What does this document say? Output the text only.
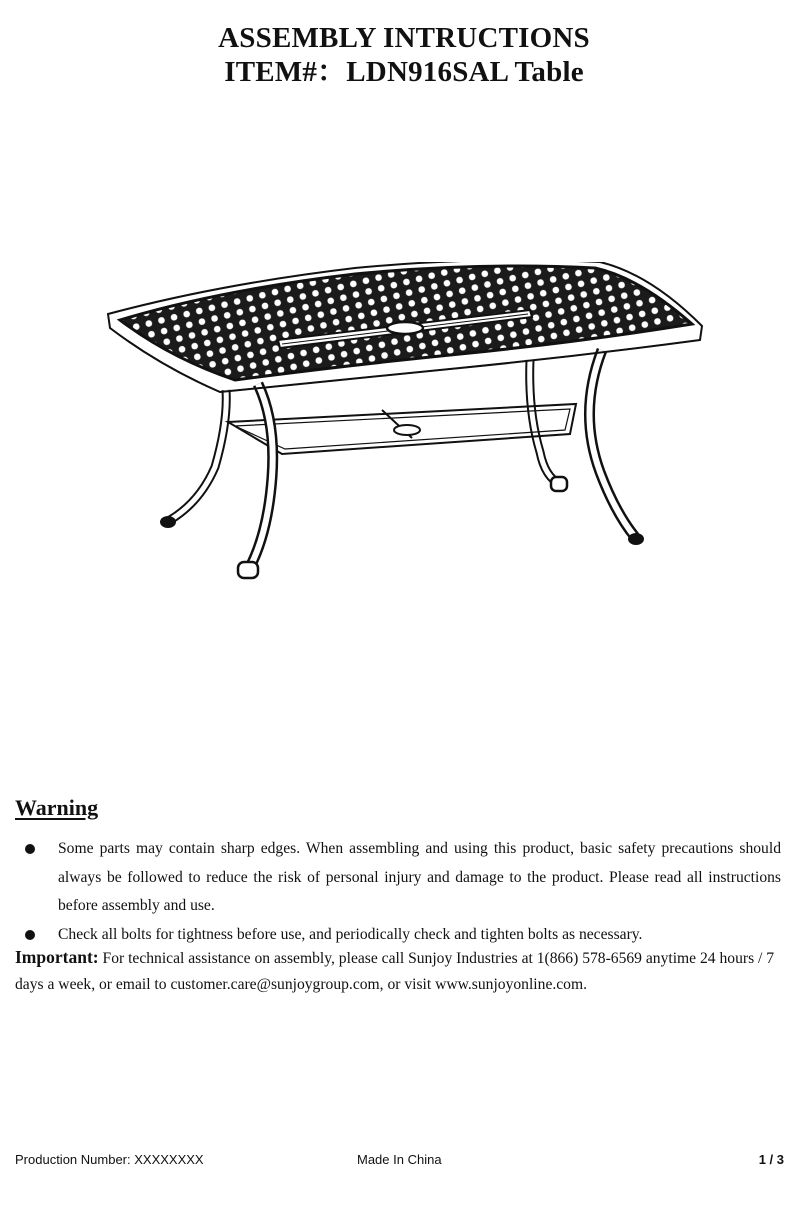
ASSEMBLY INTRUCTIONS
ITEM#：LDN916SAL Table
Warning
Some parts may contain sharp edges. When assembling and using this product, basic safety precautions should always be followed to reduce the risk of personal injury and damage to the product. Please read all instructions before assembly and use.
Check all bolts for tightness before use, and periodically check and tighten bolts as necessary.
Important: For technical assistance on assembly, please call Sunjoy Industries at 1(866) 578-6569 anytime 24 hours / 7 days a week, or email to customer.care@sunjoygroup.com, or visit www.sunjoyonline.com.
Production Number: XXXXXXXX	Made In China	1 / 3
